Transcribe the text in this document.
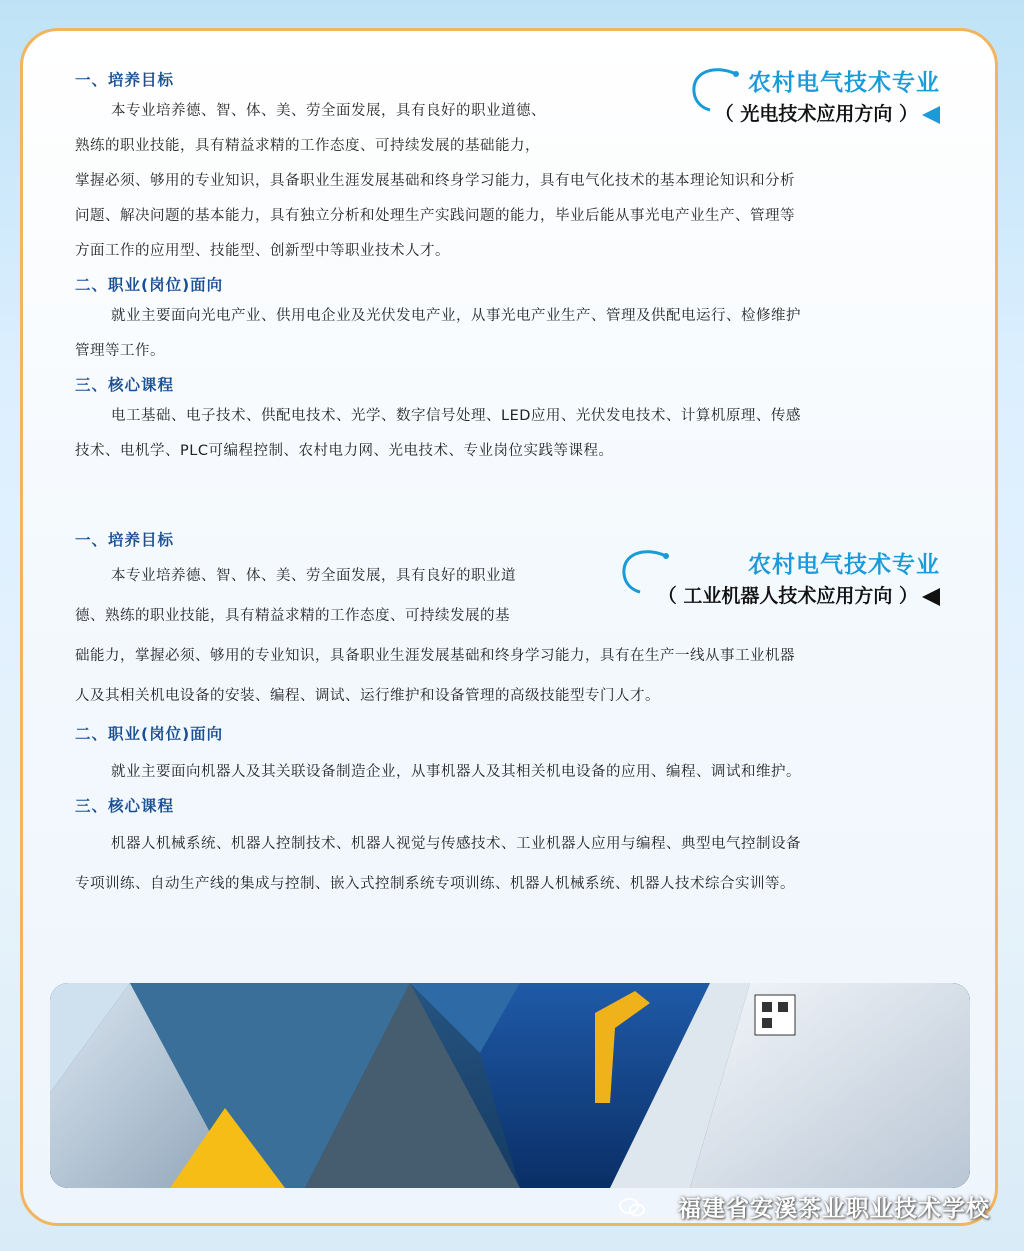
农村电气技术专业
（ 光电技术应用方向 ）

一、培养目标

本专业培养德、智、体、美、劳全面发展，具有良好的职业道德、

熟练的职业技能，具有精益求精的工作态度、可持续发展的基础能力，

掌握必须、够用的专业知识，具备职业生涯发展基础和终身学习能力，具有电气化技术的基本理论知识和分析

问题、解决问题的基本能力，具有独立分析和处理生产实践问题的能力，毕业后能从事光电产业生产、管理等

方面工作的应用型、技能型、创新型中等职业技术人才。

二、职业(岗位)面向

就业主要面向光电产业、供用电企业及光伏发电产业，从事光电产业生产、管理及供配电运行、检修维护

管理等工作。

三、核心课程

电工基础、电子技术、供配电技术、光学、数字信号处理、LED应用、光伏发电技术、计算机原理、传感

技术、电机学、PLC可编程控制、农村电力网、光电技术、专业岗位实践等课程。

农村电气技术专业
（ 工业机器人技术应用方向 ）

一、培养目标

本专业培养德、智、体、美、劳全面发展，具有良好的职业道

德、熟练的职业技能，具有精益求精的工作态度、可持续发展的基

础能力，掌握必须、够用的专业知识，具备职业生涯发展基础和终身学习能力，具有在生产一线从事工业机器

人及其相关机电设备的安装、编程、调试、运行维护和设备管理的高级技能型专门人才。

二、职业(岗位)面向

就业主要面向机器人及其关联设备制造企业，从事机器人及其相关机电设备的应用、编程、调试和维护。

三、核心课程

机器人机械系统、机器人控制技术、机器人视觉与传感技术、工业机器人应用与编程、典型电气控制设备

专项训练、自动生产线的集成与控制、嵌入式控制系统专项训练、机器人机械系统、机器人技术综合实训等。

福建省安溪茶业职业技术学校
